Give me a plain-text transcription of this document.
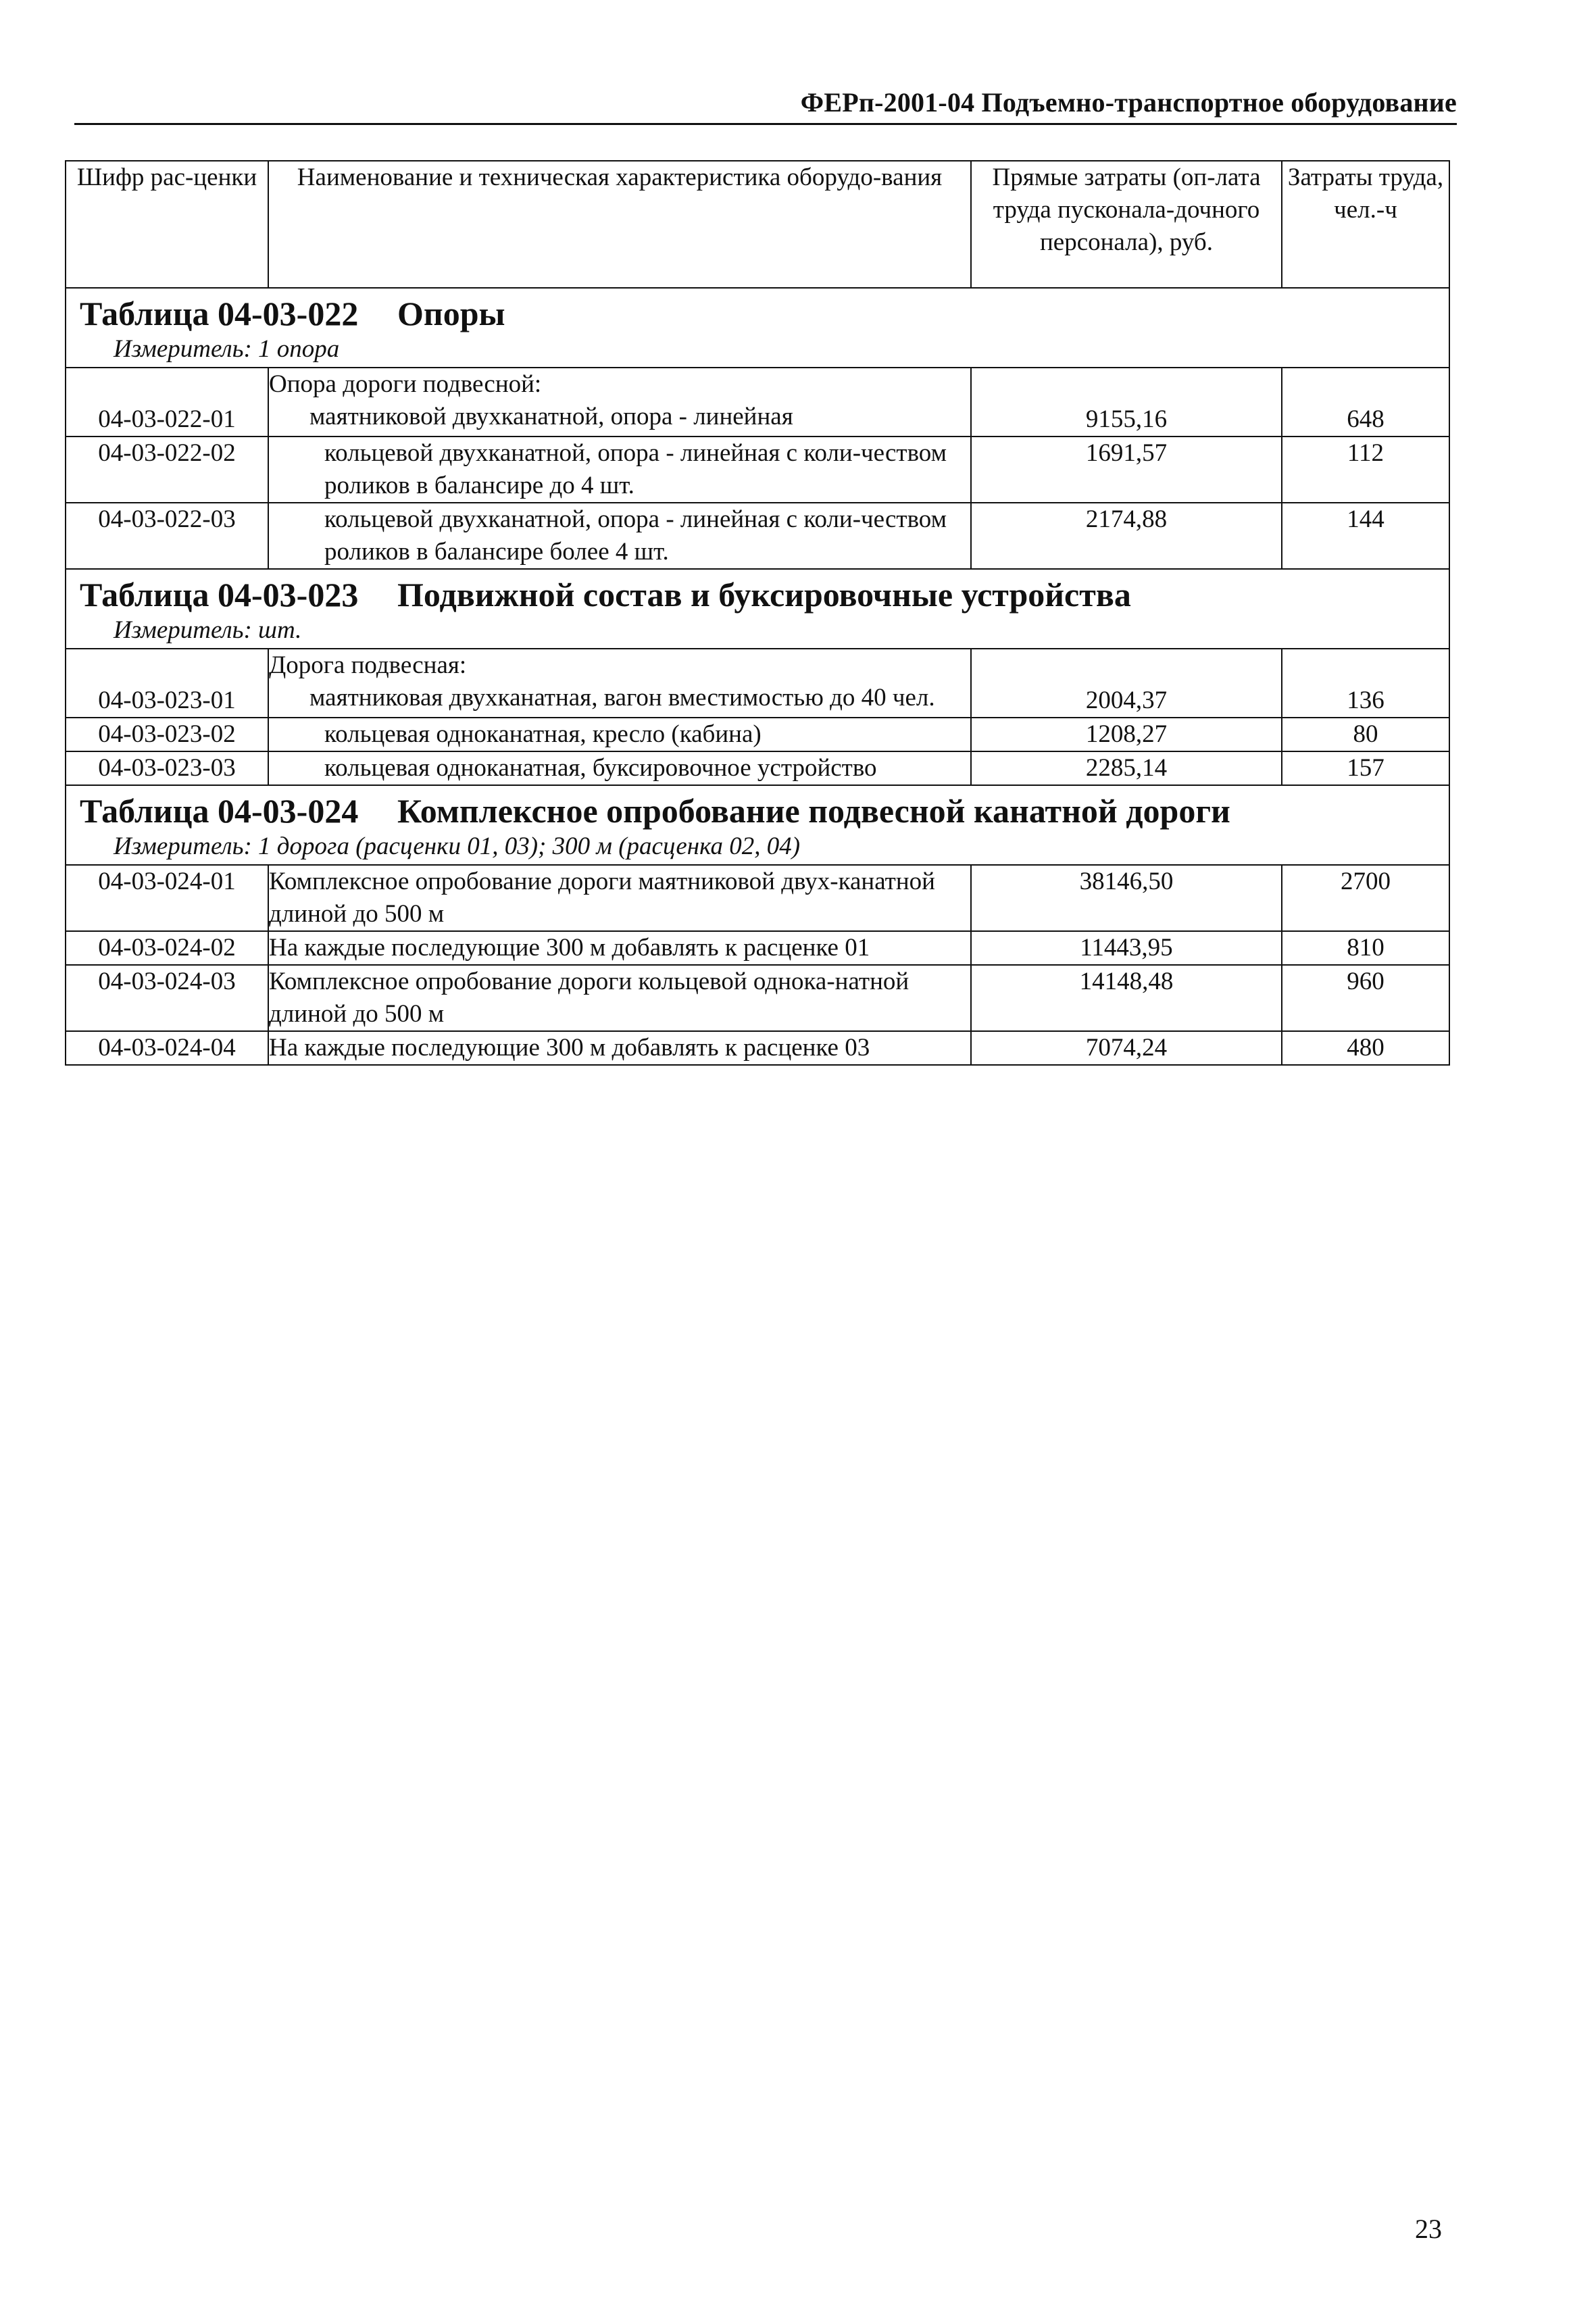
ФЕРп-2001-04 Подъемно-транспортное оборудование
Шифр рас-ценки	Наименование и техническая характеристика оборудо-вания	Прямые затраты (оп-лата труда пусконала-дочного персонала), руб.	Затраты труда, чел.-ч

Таблица 04-03-022 Опоры
Измеритель: 1 опора			

04-03-022-01	Опора дороги подвесной:
маятниковой двухканатной, опора - линейная	9155,16	648
04-03-022-02	кольцевой двухканатной, опора - линейная с коли-чеством роликов в балансире до 4 шт.	1691,57	112
04-03-022-03	кольцевой двухканатной, опора - линейная с коли-чеством роликов в балансире более 4 шт.	2174,88	144

Таблица 04-03-023 Подвижной состав и буксировочные устройства
Измеритель: шт.			

04-03-023-01	Дорога подвесная:
маятниковая двухканатная, вагон вместимостью до 40 чел.	2004,37	136
04-03-023-02	кольцевая одноканатная, кресло (кабина)	1208,27	80
04-03-023-03	кольцевая одноканатная, буксировочное устройство	2285,14	157

Таблица 04-03-024 Комплексное опробование подвесной канатной дороги
Измеритель: 1 дорога (расценки 01, 03); 300 м (расценка 02, 04)			

04-03-024-01	Комплексное опробование дороги маятниковой двух-канатной длиной до 500 м	38146,50	2700
04-03-024-02	На каждые последующие 300 м добавлять к расценке 01	11443,95	810
04-03-024-03	Комплексное опробование дороги кольцевой однока-натной длиной до 500 м	14148,48	960
04-03-024-04	На каждые последующие 300 м добавлять к расценке 03	7074,24	480
23
